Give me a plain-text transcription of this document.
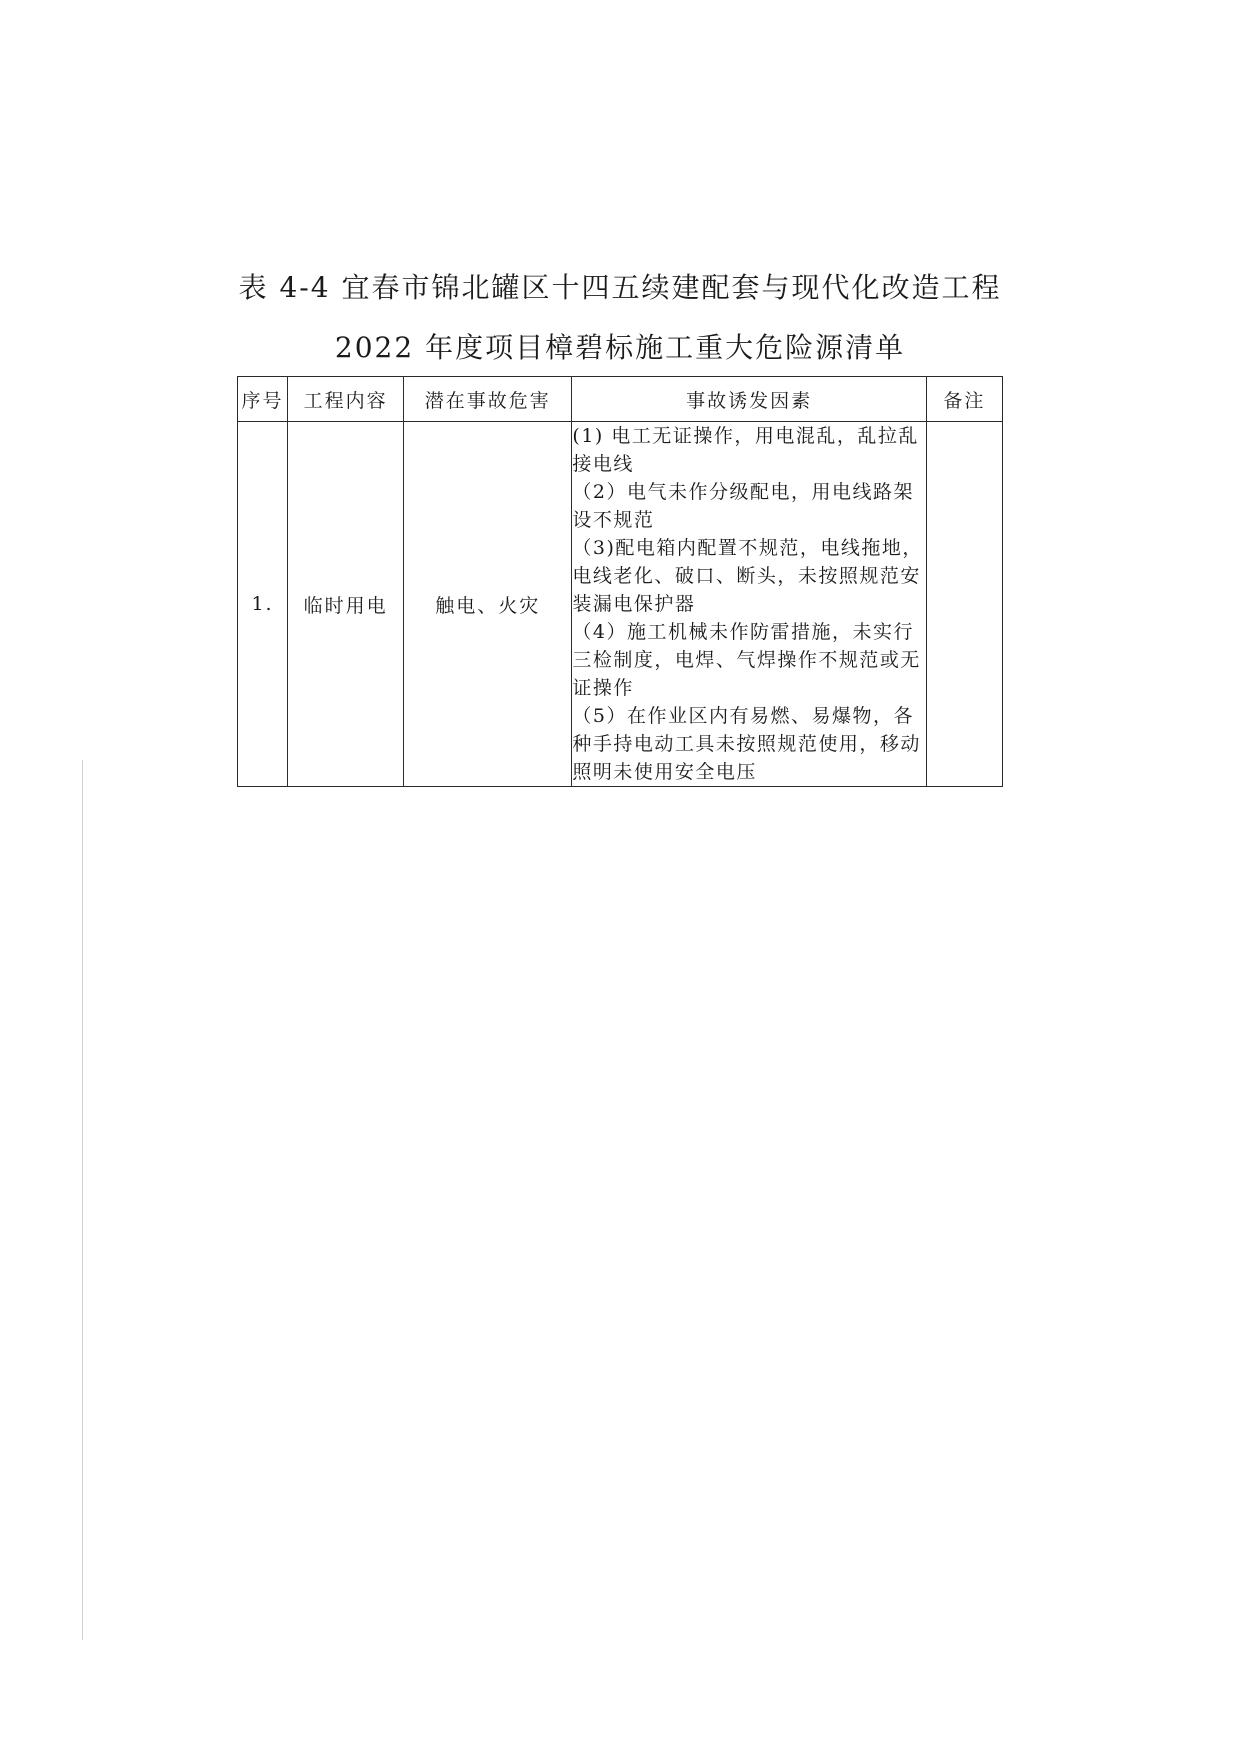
表 4-4 宜春市锦北罐区十四五续建配套与现代化改造工程
2022 年度项目樟碧标施工重大危险源清单
序号	工程内容	潜在事故危害	事故诱发因素	备注
1.	临时用电	触电、火灾	(1) 电工无证操作，用电混乱，乱拉乱接电线
（2）电气未作分级配电，用电线路架设不规范
（3)配电箱内配置不规范，电线拖地，电线老化、破口、断头，未按照规范安装漏电保护器
（4）施工机械未作防雷措施，未实行三检制度，电焊、气焊操作不规范或无证操作
（5）在作业区内有易燃、易爆物，各种手持电动工具未按照规范使用，移动照明未使用安全电压	
